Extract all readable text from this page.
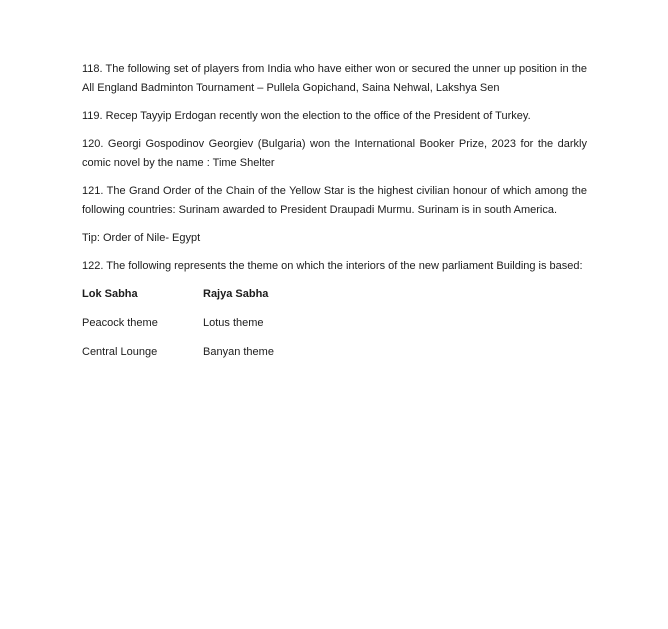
118. The following set of players from India who have either won or secured the unner up position in the All England Badminton Tournament – Pullela Gopichand, Saina Nehwal, Lakshya Sen

119. Recep Tayyip Erdogan recently won the election to the office of the President of Turkey.

120. Georgi Gospodinov Georgiev (Bulgaria) won the International Booker Prize, 2023 for the darkly comic novel by the name : Time Shelter

121. The Grand Order of the Chain of the Yellow Star is the highest civilian honour of which among the following countries: Surinam awarded to President Draupadi Murmu. Surinam is in south America.

Tip: Order of Nile- Egypt

122. The following represents the theme on which the interiors of the new parliament Building is based:

Lok Sabha	Rajya Sabha
Peacock theme	Lotus theme
Central Lounge	Banyan theme
